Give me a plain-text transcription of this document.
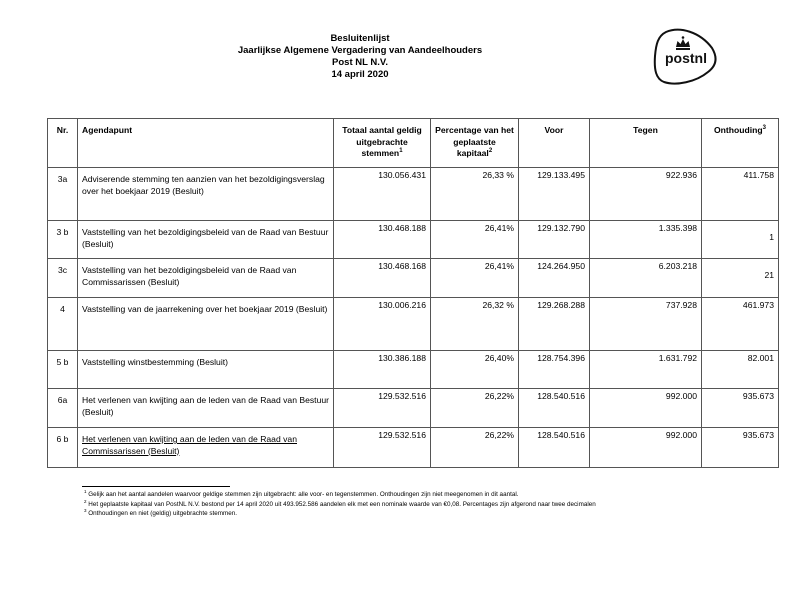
Besluitenlijst
Jaarlijkse Algemene Vergadering van Aandeelhouders
Post NL N.V.
14 april 2020
postnl
Nr.	Agendapunt	Totaal aantal geldig uitgebrachte stemmen$^1$	Percentage van het geplaatste kapitaal$^2$	Voor	Tegen	Onthouding$^3$
3a	Adviserende stemming ten aanzien van het bezoldigingsverslag over het boekjaar 2019 (Besluit)	130.056.431	26,33 %	129.133.495	922.936	411.758
3 b	Vaststelling van het bezoldigingsbeleid van de Raad van Bestuur (Besluit)	130.468.188	26,41%	129.132.790	1.335.398	1
3c	Vaststelling van het bezoldigingsbeleid van de Raad van Commissarissen (Besluit)	130.468.168	26,41%	124.264.950	6.203.218	21
4	Vaststelling van de jaarrekening over het boekjaar 2019 (Besluit)	130.006.216	26,32 %	129.268.288	737.928	461.973
5 b	Vaststelling winstbestemming (Besluit)	130.386.188	26,40%	128.754.396	1.631.792	82.001
6a	Het verlenen van kwijting aan de leden van de Raad van Bestuur (Besluit)	129.532.516	26,22%	128.540.516	992.000	935.673
6 b	Het verlenen van kwijting aan de leden van de Raad van Commissarissen (Besluit)	129.532.516	26,22%	128.540.516	992.000	935.673
$^1$ Gelijk aan het aantal aandelen waarvoor geldige stemmen zijn uitgebracht: alle voor- en tegenstemmen. Onthoudingen zijn niet meegenomen in dit aantal.
$^2$ Het geplaatste kapitaal van PostNL N.V. bestond per 14 april 2020 uit 493.952.586 aandelen elk met een nominale waarde van €0,08. Percentages zijn afgerond naar twee decimalen
$^3$ Onthoudingen en niet (geldig) uitgebrachte stemmen.
